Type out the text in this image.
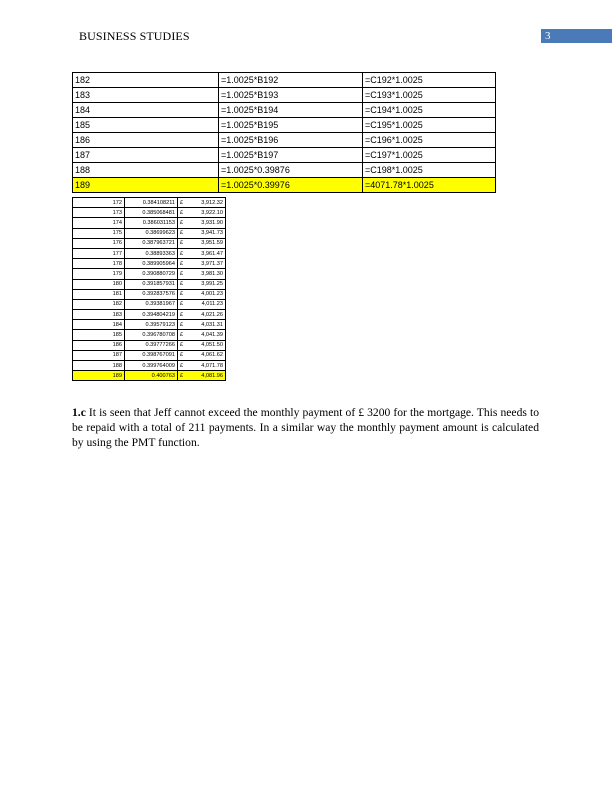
BUSINESS STUDIES	3
182	=1.0025*B192	=C192*1.0025
183	=1.0025*B193	=C193*1.0025
184	=1.0025*B194	=C194*1.0025
185	=1.0025*B195	=C195*1.0025
186	=1.0025*B196	=C196*1.0025
187	=1.0025*B197	=C197*1.0025
188	=1.0025*0.39876	=C198*1.0025
189	=1.0025*0.39976	=4071.78*1.0025
172	0.384108211	£ 3,912.32

173	0.385068481	£ 3,922.10

174	0.386031153	£ 3,931.90

175	0.38699623	£ 3,941.73

176	0.387963721	£ 3,951.59

177	0.38893363	£ 3,961.47

178	0.389905964	£ 3,971.37

179	0.390880729	£ 3,981.30

180	0.391857931	£ 3,991.25

181	0.392837576	£ 4,001.23

182	0.39381967	£ 4,011.23

183	0.394804219	£ 4,021.26

184	0.39579123	£ 4,031.31

185	0.396780708	£ 4,041.39

186	0.39777266	£ 4,051.50

187	0.398767091	£ 4,061.62

188	0.399764009	£ 4,071.78

189	0.400763	£ 4,081.96
1.c It is seen that Jeff cannot exceed the monthly payment of £ 3200 for the mortgage. This needs to be repaid with a total of 211 payments. In a similar way the monthly payment amount is calculated by using the PMT function.
